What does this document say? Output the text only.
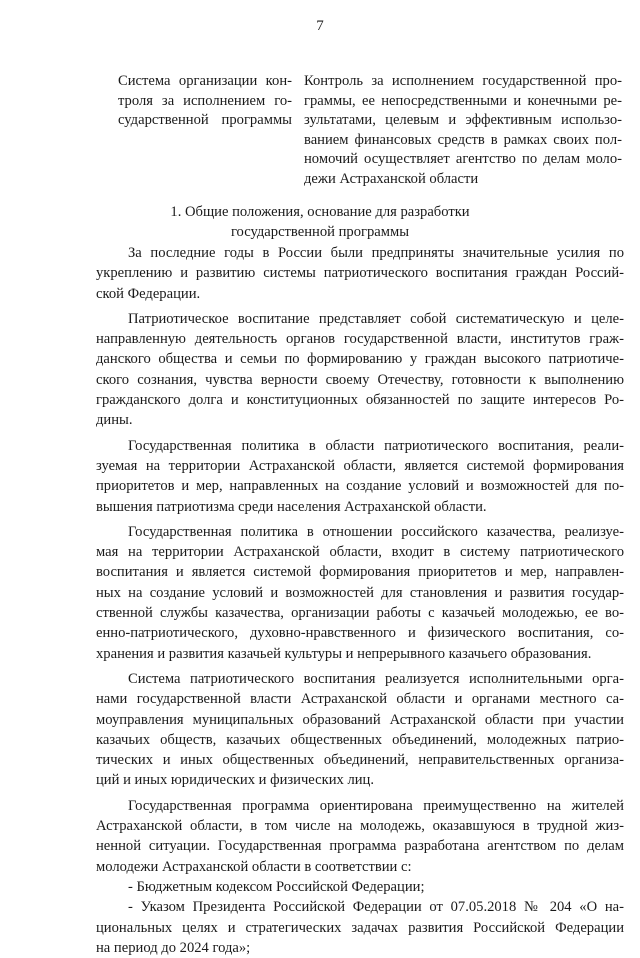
7
Система организации кон-
троля за исполнением го-
сударственной программы
Контроль за исполнением государственной про-
граммы, ее непосредственными и конечными ре-
зультатами, целевым и эффективным использо-
ванием финансовых средств в рамках своих пол-
номочий осуществляет агентство по делам моло-
дежи Астраханской области
1. Общие положения, основание для разработки
государственной программы
За последние годы в России были предприняты значительные усилия по
укреплению и развитию системы патриотического воспитания граждан Россий-
ской Федерации.
Патриотическое воспитание представляет собой систематическую и целе-
направленную деятельность органов государственной власти, институтов граж-
данского общества и семьи по формированию у граждан высокого патриотиче-
ского сознания, чувства верности своему Отечеству, готовности к выполнению
гражданского долга и конституционных обязанностей по защите интересов Ро-
дины.
Государственная политика в области патриотического воспитания, реали-
зуемая на территории Астраханской области, является системой формирования
приоритетов и мер, направленных на создание условий и возможностей для по-
вышения патриотизма среди населения Астраханской области.
Государственная политика в отношении российского казачества, реализуе-
мая на территории Астраханской области, входит в систему патриотического
воспитания и является системой формирования приоритетов и мер, направлен-
ных на создание условий и возможностей для становления и развития государ-
ственной службы казачества, организации работы с казачьей молодежью, ее во-
енно-патриотического, духовно-нравственного и физического воспитания, со-
хранения и развития казачьей культуры и непрерывного казачьего образования.
Система патриотического воспитания реализуется исполнительными орга-
нами государственной власти Астраханской области и органами местного са-
моуправления муниципальных образований Астраханской области при участии
казачьих обществ, казачьих общественных объединений, молодежных патрио-
тических и иных общественных объединений, неправительственных организа-
ций и иных юридических и физических лиц.
Государственная программа ориентирована преимущественно на жителей
Астраханской области, в том числе на молодежь, оказавшуюся в трудной жиз-
ненной ситуации. Государственная программа разработана агентством по делам
молодежи Астраханской области в соответствии с:
- Бюджетным кодексом Российской Федерации;
- Указом Президента Российской Федерации от 07.05.2018 № 204 «О на-
циональных целях и стратегических задачах развития Российской Федерации
на период до 2024 года»;
